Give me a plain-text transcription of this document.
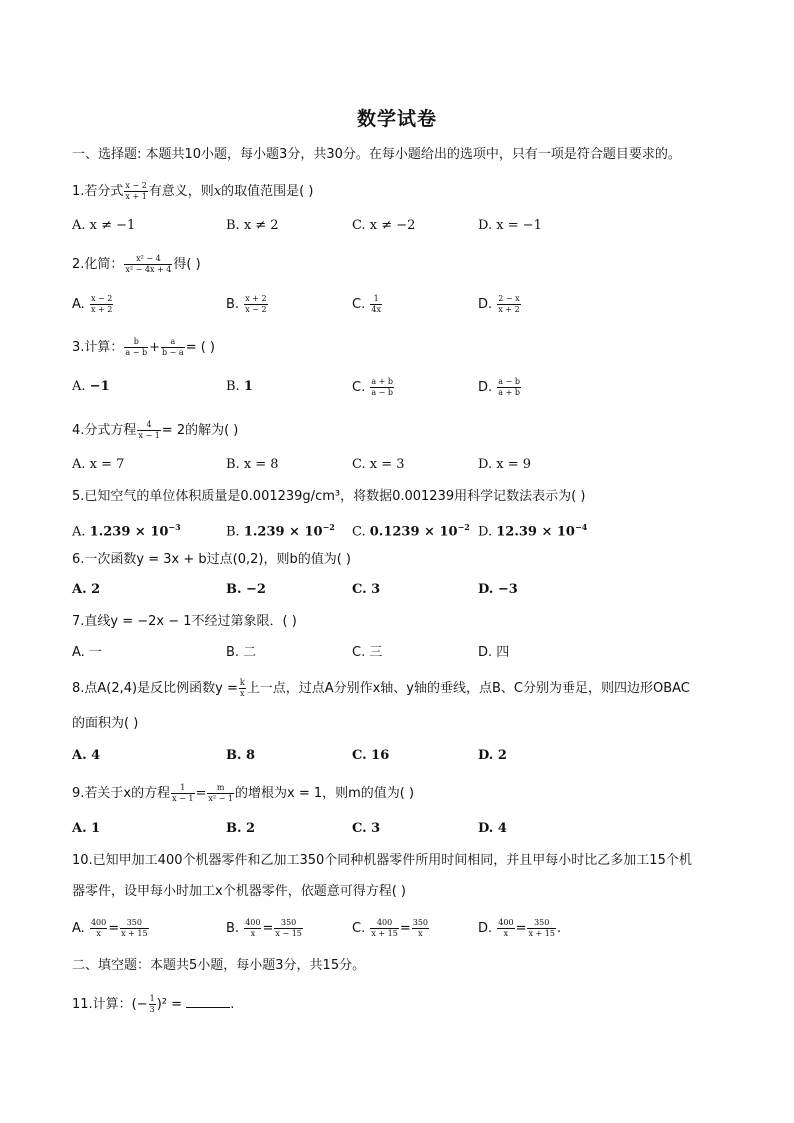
数学试卷
一、选择题: 本题共10小题，每小题3分，共30分。在每小题给出的选项中，只有一项是符合题目要求的。
1.若分式 $\frac{x - 2}{x + 1}$ 有意义，则x的取值范围是( )
A. x ≠ −1	B. x ≠ 2	C. x ≠ −2	D. x = −1
2.化简： $\frac{\text{x² − 4}}{\text{x² − 4x + 4}}$ 得( )
A. $\frac{x - 2}{x + 2}$	B. $\frac{x + 2}{x - 2}$	C. $\frac{1}{4x}$	D. $\frac{2 - x}{x + 2}$
3.计算： $\frac{b}{a - b} + \frac{a}{b - a}$ = ( )
A. −1	B. 1	C. $\frac{a + b}{a - b}$	D. $\frac{a - b}{a + b}$
4.分式方程 $\frac{4}{x - 1} = 2$的解为( )
A. x = 7	B. x = 8	C. x = 3	D. x = 9
5.已知空气的单位体积质量是0.001239g/cm³，将数据0.001239用科学记数法表示为( )
A. $1.239 \times 10^{-3}$	B. $1.239 \times 10^{-2}$ C. $0.1239 \times 10^{-2}$ D. $12.39 \times 10^{-4}$
6.一次函数y = 3x + b过点(0,2)，则b的值为( )
A. 2	B. −2	C. 3	D. −3
7.直线y = −2x − 1不经过第象限．( )
A. 一	B. 二	C. 三	D. 四
8.点A(2,4)是反比例函数$y = \frac{k}{x}$ 上一点，过点A分别作x轴、y轴的垂线，点B、C分别为垂足，则四边形OBAC
的面积为( )
A. 4	B. 8	C. 16	D. 2
9.若关于x的方程 $\frac{1}{x - 1} = \frac{m}{\text{x² − 1}}$ 的增根为x = 1，则m的值为( )
A. 1	B. 2	C. 3	D. 4
10.已知甲加工400个机器零件和乙加工350个同种机器零件所用时间相同，并且甲每小时比乙多加工15个机
器零件，设甲每小时加工x个机器零件，依题意可得方程( )
A. $\frac{400}{x} = \frac{350}{x + 15}$	B. $\frac{400}{x} = \frac{350}{x - 15}$	C. $\frac{400}{x + 15} = \frac{350}{x}$	D. $\frac{400}{x} = \frac{350}{x + 15}$ .
二、填空题：本题共5小题，每小题3分，共15分。
11.计算：(− $\frac{1}{3} )^2$ =	.
